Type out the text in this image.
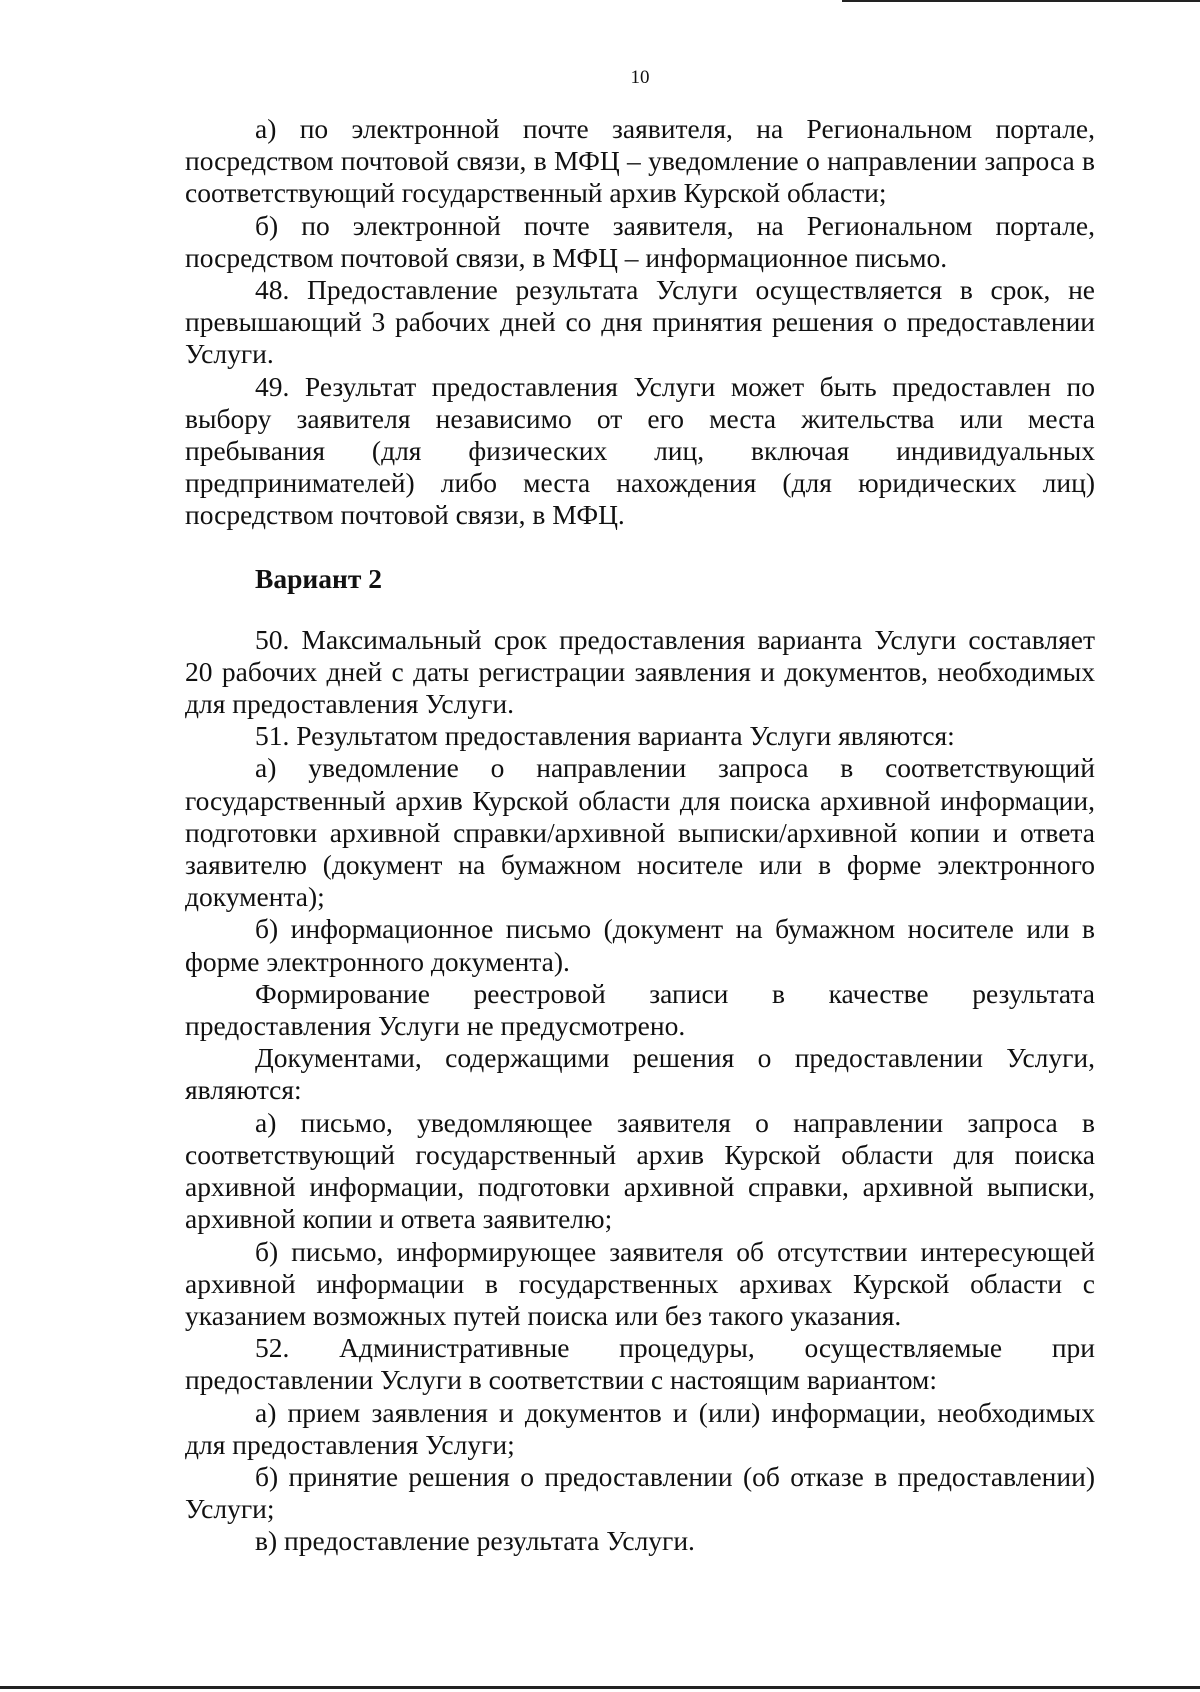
10

а) по электронной почте заявителя, на Региональном портале, посредством почтовой связи, в МФЦ – уведомление о направлении запроса в соответствующий государственный архив Курской области;

б) по электронной почте заявителя, на Региональном портале, посредством почтовой связи, в МФЦ – информационное письмо.

48. Предоставление результата Услуги осуществляется в срок, не превышающий 3 рабочих дней со дня принятия решения о предоставлении Услуги.

49. Результат предоставления Услуги может быть предоставлен по выбору заявителя независимо от его места жительства или места пребывания (для физических лиц, включая индивидуальных предпринимателей) либо места нахождения (для юридических лиц) посредством почтовой связи, в МФЦ.

Вариант 2

50. Максимальный срок предоставления варианта Услуги составляет 20 рабочих дней с даты регистрации заявления и документов, необходимых для предоставления Услуги.

51. Результатом предоставления варианта Услуги являются:

а) уведомление о направлении запроса в соответствующий государственный архив Курской области для поиска архивной информации, подготовки архивной справки/архивной выписки/архивной копии и ответа заявителю (документ на бумажном носителе или в форме электронного документа);

б) информационное письмо (документ на бумажном носителе или в форме электронного документа).

Формирование реестровой записи в качестве результата предоставления Услуги не предусмотрено.

Документами, содержащими решения о предоставлении Услуги, являются:

а) письмо, уведомляющее заявителя о направлении запроса в соответствующий государственный архив Курской области для поиска архивной информации, подготовки архивной справки, архивной выписки, архивной копии и ответа заявителю;

б) письмо, информирующее заявителя об отсутствии интересующей архивной информации в государственных архивах Курской области с указанием возможных путей поиска или без такого указания.

52. Административные процедуры, осуществляемые при предоставлении Услуги в соответствии с настоящим вариантом:

а) прием заявления и документов и (или) информации, необходимых для предоставления Услуги;

б) принятие решения о предоставлении (об отказе в предоставлении) Услуги;

в) предоставление результата Услуги.
